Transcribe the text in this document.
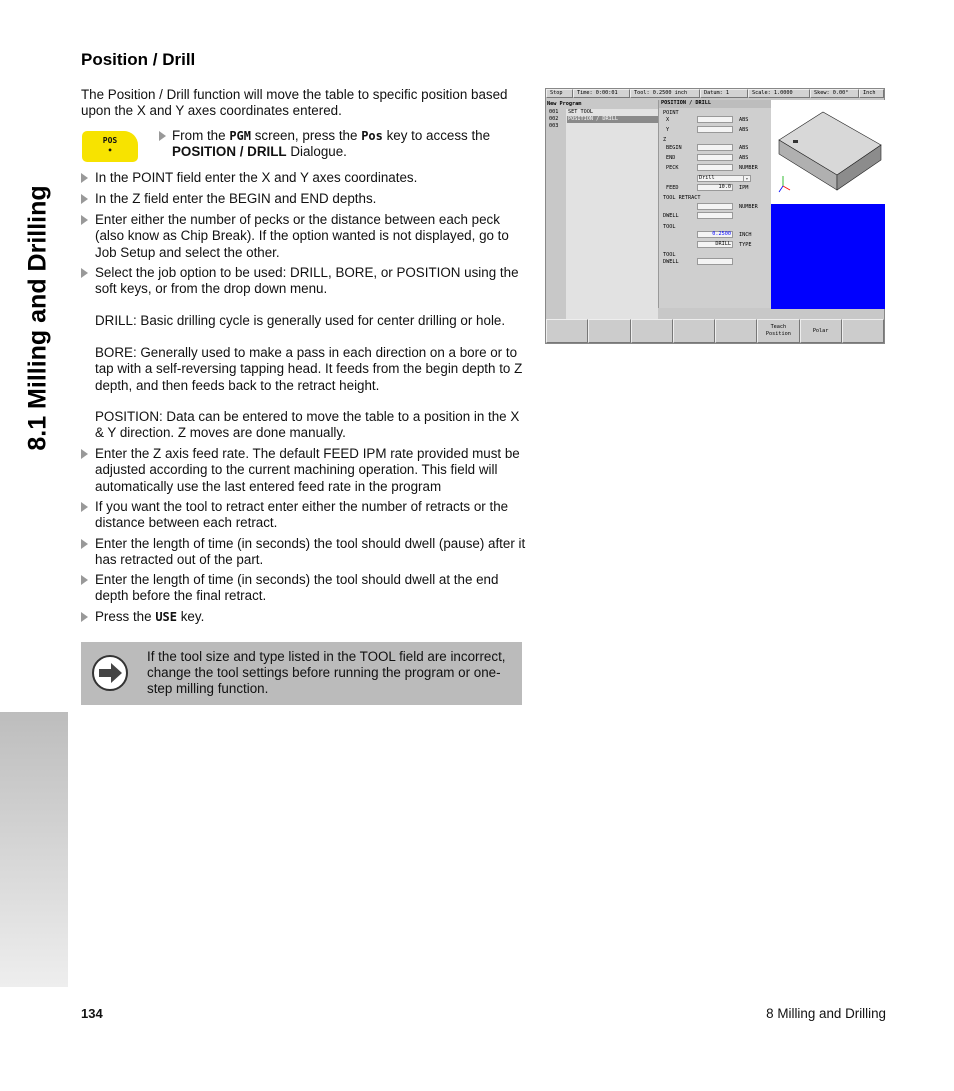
8.1 Milling and Drilling
Position / Drill
The Position / Drill function will move the table to specific position based upon the X and Y axes coordinates entered.
POS
•
From the PGM screen, press the Pos key to access the
POSITION / DRILL Dialogue.
In the POINT field enter the X and Y axes coordinates.
In the Z field enter the BEGIN and END depths.
Enter either the number of pecks or the distance between each peck (also know as Chip Break). If the option wanted is not displayed, go to Job Setup and select the other.
Select the job option to be used: DRILL, BORE, or POSITION using the soft keys, or from the drop down menu.
DRILL: Basic drilling cycle is generally used for center drilling or hole.
BORE: Generally used to make a pass in each direction on a bore or to tap with a self-reversing tapping head. It feeds from the begin depth to Z depth, and then feeds back to the retract height.
POSITION: Data can be entered to move the table to a position in the X & Y direction. Z moves are done manually.
Enter the Z axis feed rate. The default FEED IPM rate provided must be adjusted according to the current machining operation. This field will automatically use the last entered feed rate in the program
If you want the tool to retract enter either the number of retracts or the distance between each retract.
Enter the length of time (in seconds) the tool should dwell (pause) after it has retracted out of the part.
Enter the length of time (in seconds) the tool should dwell at the end depth before the final retract.
Press the USE key.
If the tool size and type listed in the TOOL field are incorrect, change the tool settings before running the program or one-step milling function.
Stop	Time: 0:00:01	Tool: 0.2500 inch	Datum: 1	Scale: 1.0000	Skew: 0.00°	Inch
New Program
001 SET TOOL
002 POSITION / DRILL
003
POSITION / DRILL
POINT
X	ABS
Y	ABS
Z
BEGIN	ABS
END	ABS
PECK	NUMBER
Drill	▾
FEED	10.0	IPM
TOOL RETRACT
NUMBER
DWELL
TOOL
0.2500	INCH
DRILL	TYPE
TOOL
DWELL
Teach
Position
Polar
134	8 Milling and Drilling
